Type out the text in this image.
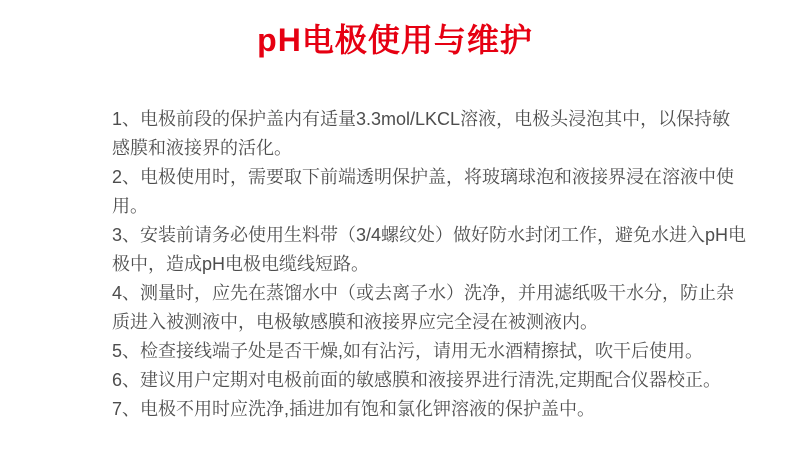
pH电极使用与维护

1、电极前段的保护盖内有适量3.3mol/LKCL溶液，电极头浸泡其中，以保持敏感膜和液接界的活化。

2、电极使用时，需要取下前端透明保护盖，将玻璃球泡和液接界浸在溶液中使用。

3、安装前请务必使用生料带（3/4螺纹处）做好防水封闭工作，避免水进入pH电极中，造成pH电极电缆线短路。

4、测量时，应先在蒸馏水中（或去离子水）洗净，并用滤纸吸干水分，防止杂质进入被测液中，电极敏感膜和液接界应完全浸在被测液内。

5、检查接线端子处是否干燥,如有沾污，请用无水酒精擦拭，吹干后使用。

6、建议用户定期对电极前面的敏感膜和液接界进行清洗,定期配合仪器校正。

7、电极不用时应洗净,插进加有饱和氯化钾溶液的保护盖中。
